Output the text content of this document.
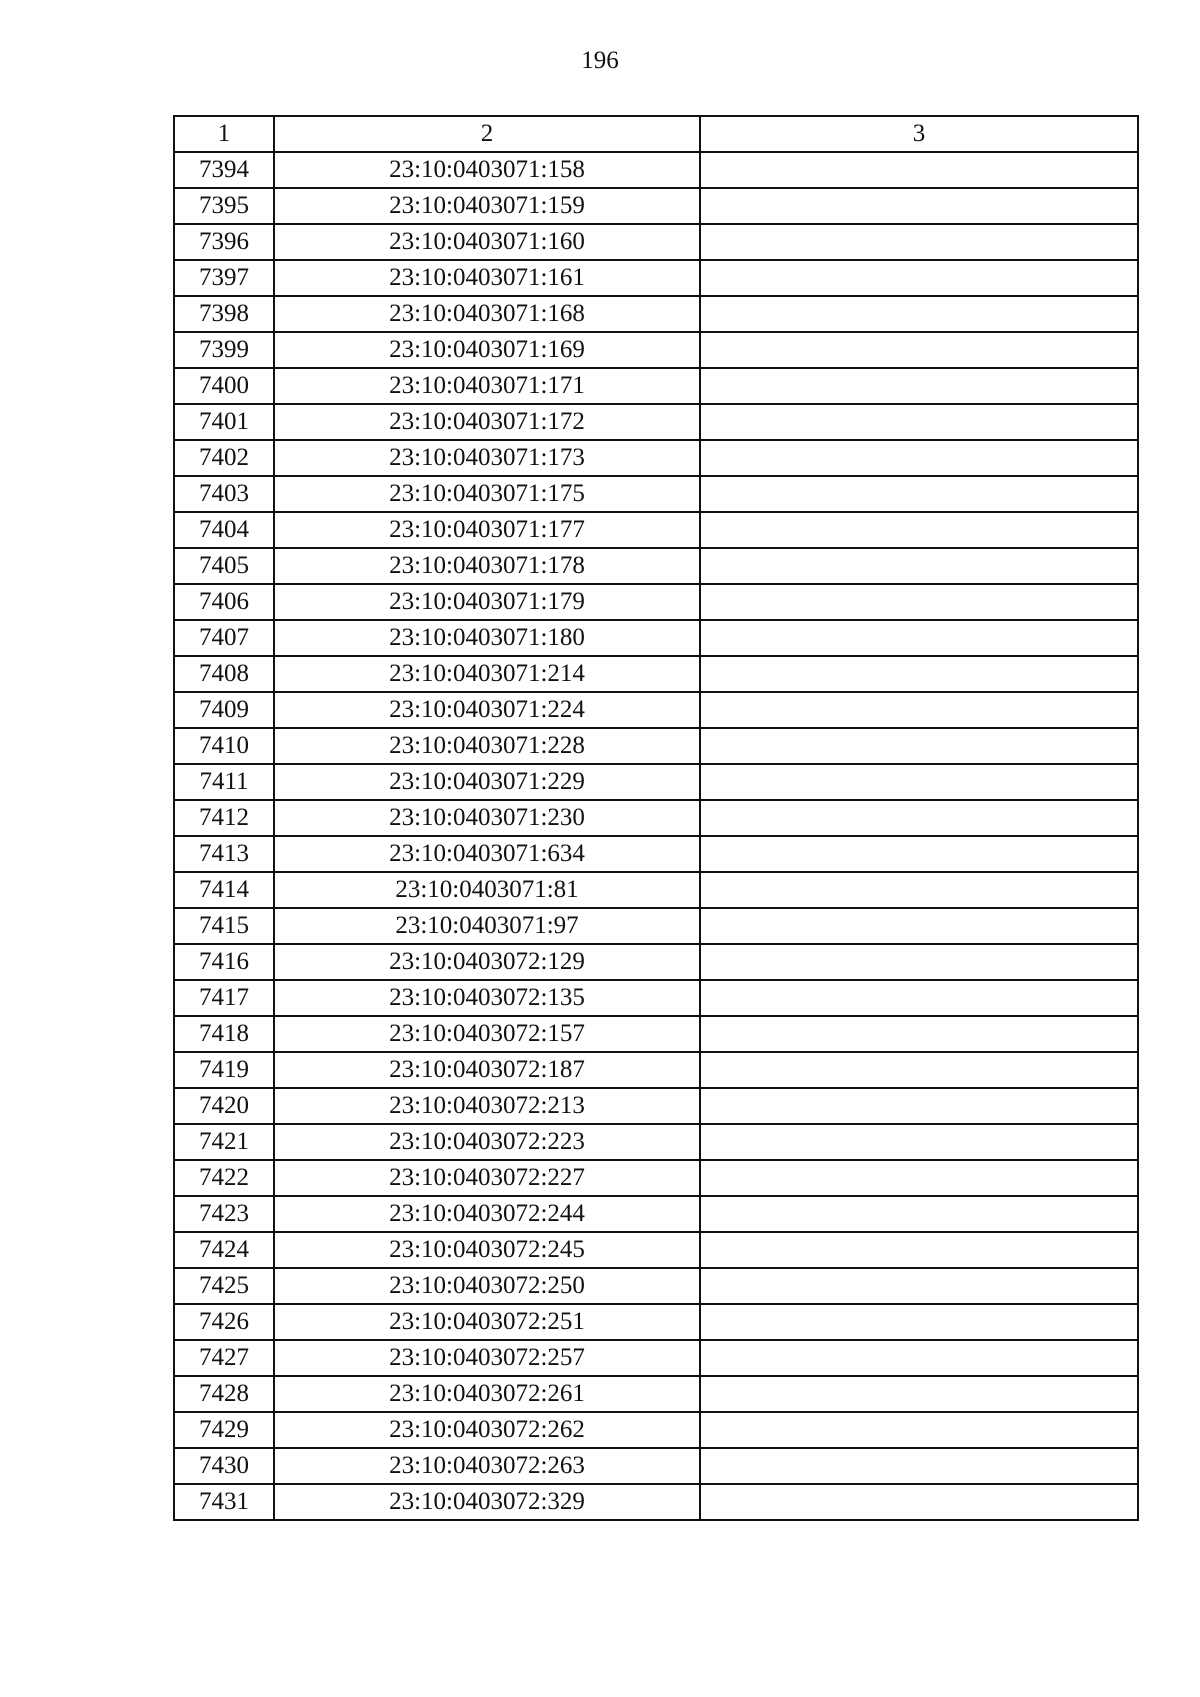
196
1	2	3
7394	23:10:0403071:158	
7395	23:10:0403071:159	
7396	23:10:0403071:160	
7397	23:10:0403071:161	
7398	23:10:0403071:168	
7399	23:10:0403071:169	
7400	23:10:0403071:171	
7401	23:10:0403071:172	
7402	23:10:0403071:173	
7403	23:10:0403071:175	
7404	23:10:0403071:177	
7405	23:10:0403071:178	
7406	23:10:0403071:179	
7407	23:10:0403071:180	
7408	23:10:0403071:214	
7409	23:10:0403071:224	
7410	23:10:0403071:228	
7411	23:10:0403071:229	
7412	23:10:0403071:230	
7413	23:10:0403071:634	
7414	23:10:0403071:81	
7415	23:10:0403071:97	
7416	23:10:0403072:129	
7417	23:10:0403072:135	
7418	23:10:0403072:157	
7419	23:10:0403072:187	
7420	23:10:0403072:213	
7421	23:10:0403072:223	
7422	23:10:0403072:227	
7423	23:10:0403072:244	
7424	23:10:0403072:245	
7425	23:10:0403072:250	
7426	23:10:0403072:251	
7427	23:10:0403072:257	
7428	23:10:0403072:261	
7429	23:10:0403072:262	
7430	23:10:0403072:263	
7431	23:10:0403072:329	
